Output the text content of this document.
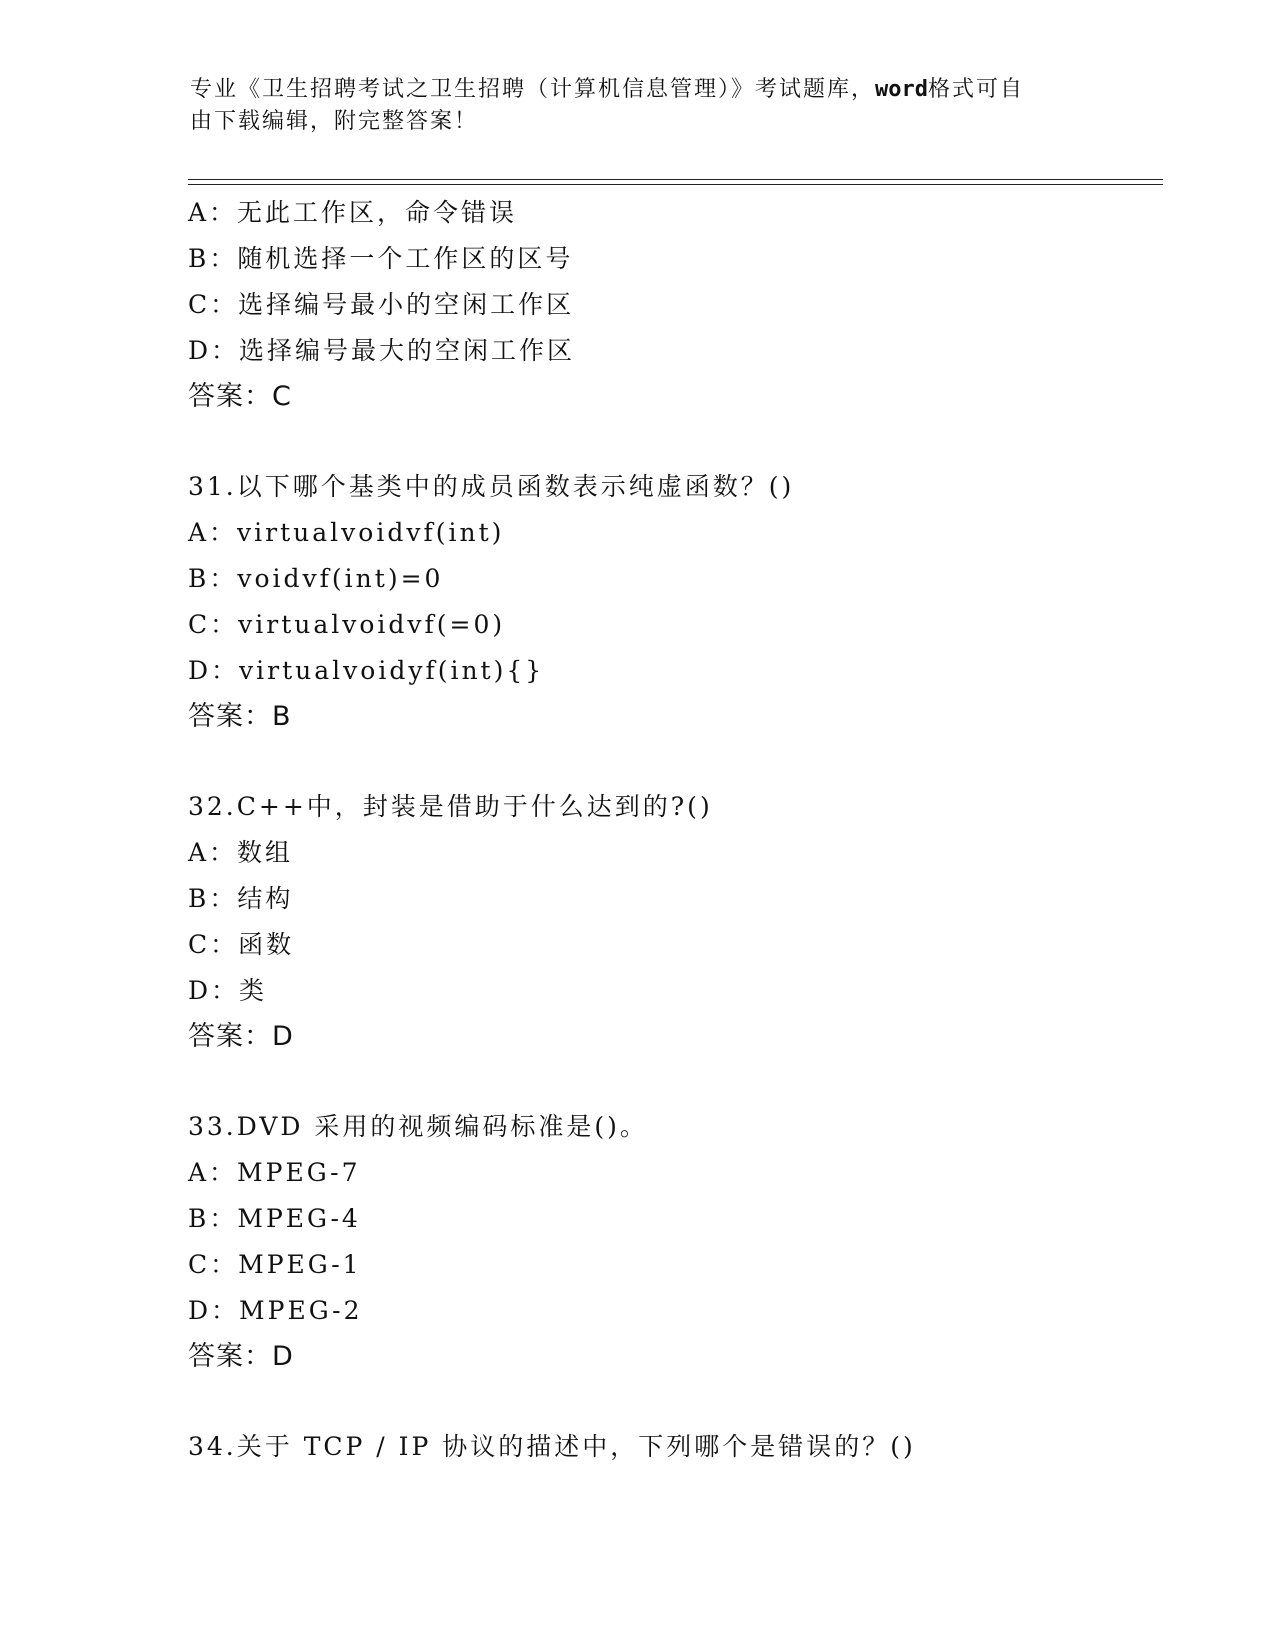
专业《卫生招聘考试之卫生招聘（计算机信息管理）》考试题库，word格式可自
由下载编辑，附完整答案！
A：无此工作区，命令错误
B：随机选择一个工作区的区号
C：选择编号最小的空闲工作区
D：选择编号最大的空闲工作区
答案：C
31.以下哪个基类中的成员函数表示纯虚函数？()
A：virtualvoidvf(int)
B：voidvf(int)=0
C：virtualvoidvf(=0)
D：virtualvoidyf(int){}
答案：B
32.C++中，封装是借助于什么达到的?()
A：数组
B：结构
C：函数
D：类
答案：D
33.DVD 采用的视频编码标准是()。
A：MPEG-7
B：MPEG-4
C：MPEG-1
D：MPEG-2
答案：D
34.关于 TCP / IP 协议的描述中，下列哪个是错误的？()
